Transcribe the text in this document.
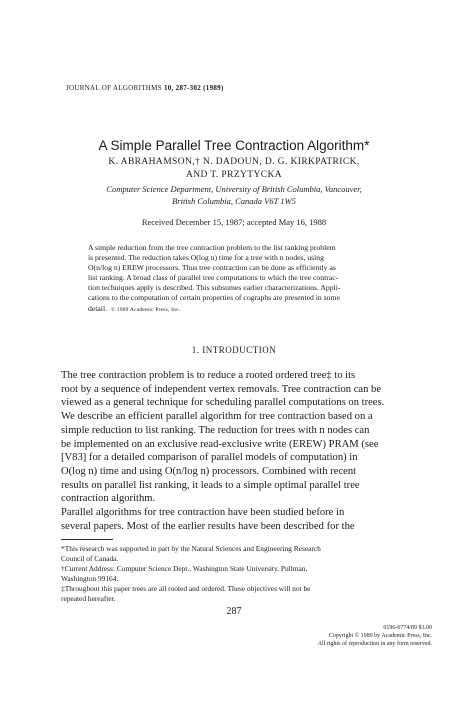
JOURNAL OF ALGORITHMS 10, 287-302 (1989)
A Simple Parallel Tree Contraction Algorithm*
K. ABRAHAMSON,† N. DADOUN, D. G. KIRKPATRICK,
AND T. PRZYTYCKA
Computer Science Department, University of British Columbia, Vancouver,
British Columbia, Canada V6T 1W5
Received December 15, 1987; accepted May 16, 1988
A simple reduction from the tree contraction problem to the list ranking problem
is presented. The reduction takes O(log n) time for a tree with n nodes, using
O(n/log n) EREW processors. Thus tree contraction can be done as efficiently as
list ranking. A broad class of parallel tree computations to which the tree contrac-
tion techniques apply is described. This subsumes earlier characterizations. Appli-
cations to the computation of certain properties of cographs are presented in some
detail. © 1989 Academic Press, Inc.
1. INTRODUCTION
The tree contraction problem is to reduce a rooted ordered tree‡ to its
root by a sequence of independent vertex removals. Tree contraction can be
viewed as a general technique for scheduling parallel computations on trees.
We describe an efficient parallel algorithm for tree contraction based on a
simple reduction to list ranking. The reduction for trees with n nodes can
be implemented on an exclusive read-exclusive write (EREW) PRAM (see
[V83] for a detailed comparison of parallel models of computation) in
O(log n) time and using O(n/log n) processors. Combined with recent
results on parallel list ranking, it leads to a simple optimal parallel tree
contraction algorithm.
Parallel algorithms for tree contraction have been studied before in
several papers. Most of the earlier results have been described for the
*This research was supported in part by the Natural Sciences and Engineering Research
Council of Canada.
†Current Address: Computer Science Dept., Washington State University, Pullman,
Washington 99164.
‡Throughout this paper trees are all rooted and ordered. These objectives will not be
repeated hereafter.
287
0196-6774/89 $3.00
Copyright © 1989 by Academic Press, Inc.
All rights of reproduction in any form reserved.
